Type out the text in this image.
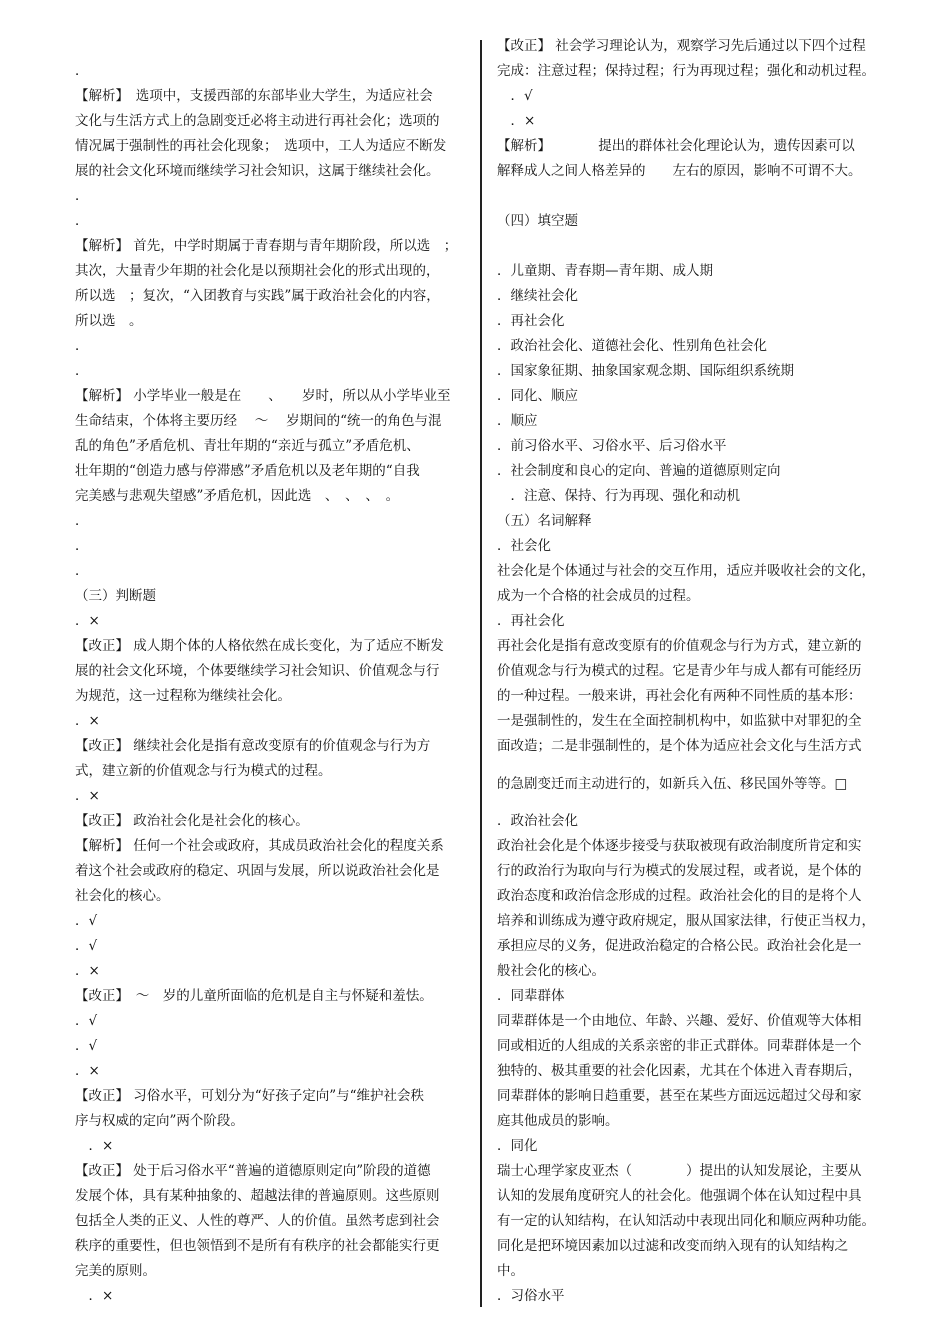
．
【解析】　选项中，支援西部的东部毕业大学生，为适应社会
文化与生活方式上的急剧变迁必将主动进行再社会化；选项的
情况属于强制性的再社会化现象；　选项中，工人为适应不断发
展的社会文化环境而继续学习社会知识，这属于继续社会化。
．
．
【解析】 首先，中学时期属于青春期与青年期阶段，所以选　；
其次，大量青少年期的社会化是以预期社会化的形式出现的，
所以选　；复次，“入团教育与实践”属于政治社会化的内容，
所以选　。
．
．
【解析】 小学毕业一般是在　　、　　岁时，所以从小学毕业至
生命结束，个体将主要历经　 ～　 岁期间的“统一的角色与混
乱的角色”矛盾危机、青壮年期的“亲近与孤立”矛盾危机、
壮年期的“创造力感与停滞感”矛盾危机以及老年期的“自我
完美感与悲观失望感”矛盾危机，因此选　、　、　、　。
．
．
．
（三）判断题
．×
【改正】 成人期个体的人格依然在成长变化，为了适应不断发
展的社会文化环境，个体要继续学习社会知识、价值观念与行
为规范，这一过程称为继续社会化。
．×
【改正】 继续社会化是指有意改变原有的价值观念与行为方
式，建立新的价值观念与行为模式的过程。
．×
【改正】 政治社会化是社会化的核心。
【解析】 任何一个社会或政府，其成员政治社会化的程度关系
着这个社会或政府的稳定、巩固与发展，所以说政治社会化是
社会化的核心。
．√
．√
．×
【改正】　～　岁的儿童所面临的危机是自主与怀疑和羞怯。
．√
．√
．×
【改正】 习俗水平，可划分为“好孩子定向”与“维护社会秩
序与权威的定向”两个阶段。
　．×
【改正】 处于后习俗水平“普遍的道德原则定向”阶段的道德
发展个体，具有某种抽象的、超越法律的普遍原则。这些原则
包括全人类的正义、人性的尊严、人的价值。虽然考虑到社会
秩序的重要性，但也领悟到不是所有有秩序的社会都能实行更
完美的原则。
　．×
【改正】 社会学习理论认为，观察学习先后通过以下四个过程
完成：注意过程；保持过程；行为再现过程；强化和动机过程。
　．√
　．×
【解析】　　　　提出的群体社会化理论认为，遗传因素可以
解释成人之间人格差异的　　左右的原因，影响不可谓不大。
（四）填空题
．儿童期、青春期—青年期、成人期
．继续社会化
．再社会化
．政治社会化、道德社会化、性别角色社会化
．国家象征期、抽象国家观念期、国际组织系统期
．同化、顺应
．顺应
．前习俗水平、习俗水平、后习俗水平
．社会制度和良心的定向、普遍的道德原则定向
　．注意、保持、行为再现、强化和动机
（五）名词解释
．社会化
社会化是个体通过与社会的交互作用，适应并吸收社会的文化，
成为一个合格的社会成员的过程。
．再社会化
再社会化是指有意改变原有的价值观念与行为方式，建立新的
价值观念与行为模式的过程。它是青少年与成人都有可能经历
的一种过程。一般来讲，再社会化有两种不同性质的基本形：
一是强制性的，发生在全面控制机构中，如监狱中对罪犯的全
面改造；二是非强制性的，是个体为适应社会文化与生活方式
的急剧变迁而主动进行的，如新兵入伍、移民国外等等。□
．政治社会化
政治社会化是个体逐步接受与获取被现有政治制度所肯定和实
行的政治行为取向与行为模式的发展过程，或者说，是个体的
政治态度和政治信念形成的过程。政治社会化的目的是将个人
培养和训练成为遵守政府规定，服从国家法律，行使正当权力，
承担应尽的义务，促进政治稳定的合格公民。政治社会化是一
般社会化的核心。
．同辈群体
同辈群体是一个由地位、年龄、兴趣、爱好、价值观等大体相
同或相近的人组成的关系亲密的非正式群体。同辈群体是一个
独特的、极其重要的社会化因素，尤其在个体进入青春期后，
同辈群体的影响日趋重要，甚至在某些方面远远超过父母和家
庭其他成员的影响。
．同化
瑞士心理学家皮亚杰（　　　　）提出的认知发展论，主要从
认知的发展角度研究人的社会化。他强调个体在认知过程中具
有一定的认知结构，在认知活动中表现出同化和顺应两种功能。
同化是把环境因素加以过滤和改变而纳入现有的认知结构之
中。
．习俗水平
